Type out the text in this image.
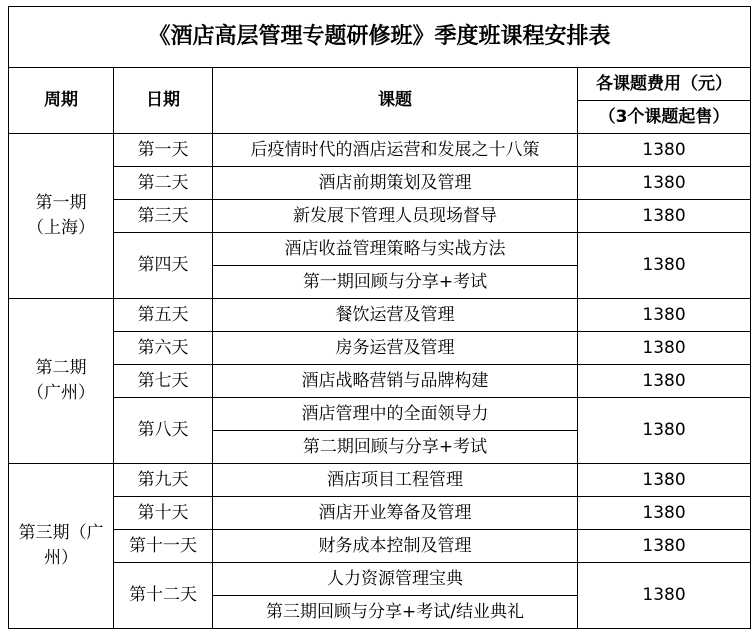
《酒店高层管理专题研修班》季度班课程安排表			
周期	日期	课题	各课题费用（元）
			（3个课题起售）

第一期
（上海）	第一天	后疫情时代的酒店运营和发展之十八策	1380
	第二天	酒店前期策划及管理	1380
	第三天	新发展下管理人员现场督导	1380
	第四天	酒店收益管理策略与实战方法	1380
		第一期回顾与分享+考试	

第二期
（广州）	第五天	餐饮运营及管理	1380
	第六天	房务运营及管理	1380
	第七天	酒店战略营销与品牌构建	1380
	第八天	酒店管理中的全面领导力	1380
		第二期回顾与分享+考试	

第三期（广
州）	第九天	酒店项目工程管理	1380
	第十天	酒店开业筹备及管理	1380
	第十一天	财务成本控制及管理	1380
	第十二天	人力资源管理宝典	1380
		第三期回顾与分享+考试/结业典礼	
